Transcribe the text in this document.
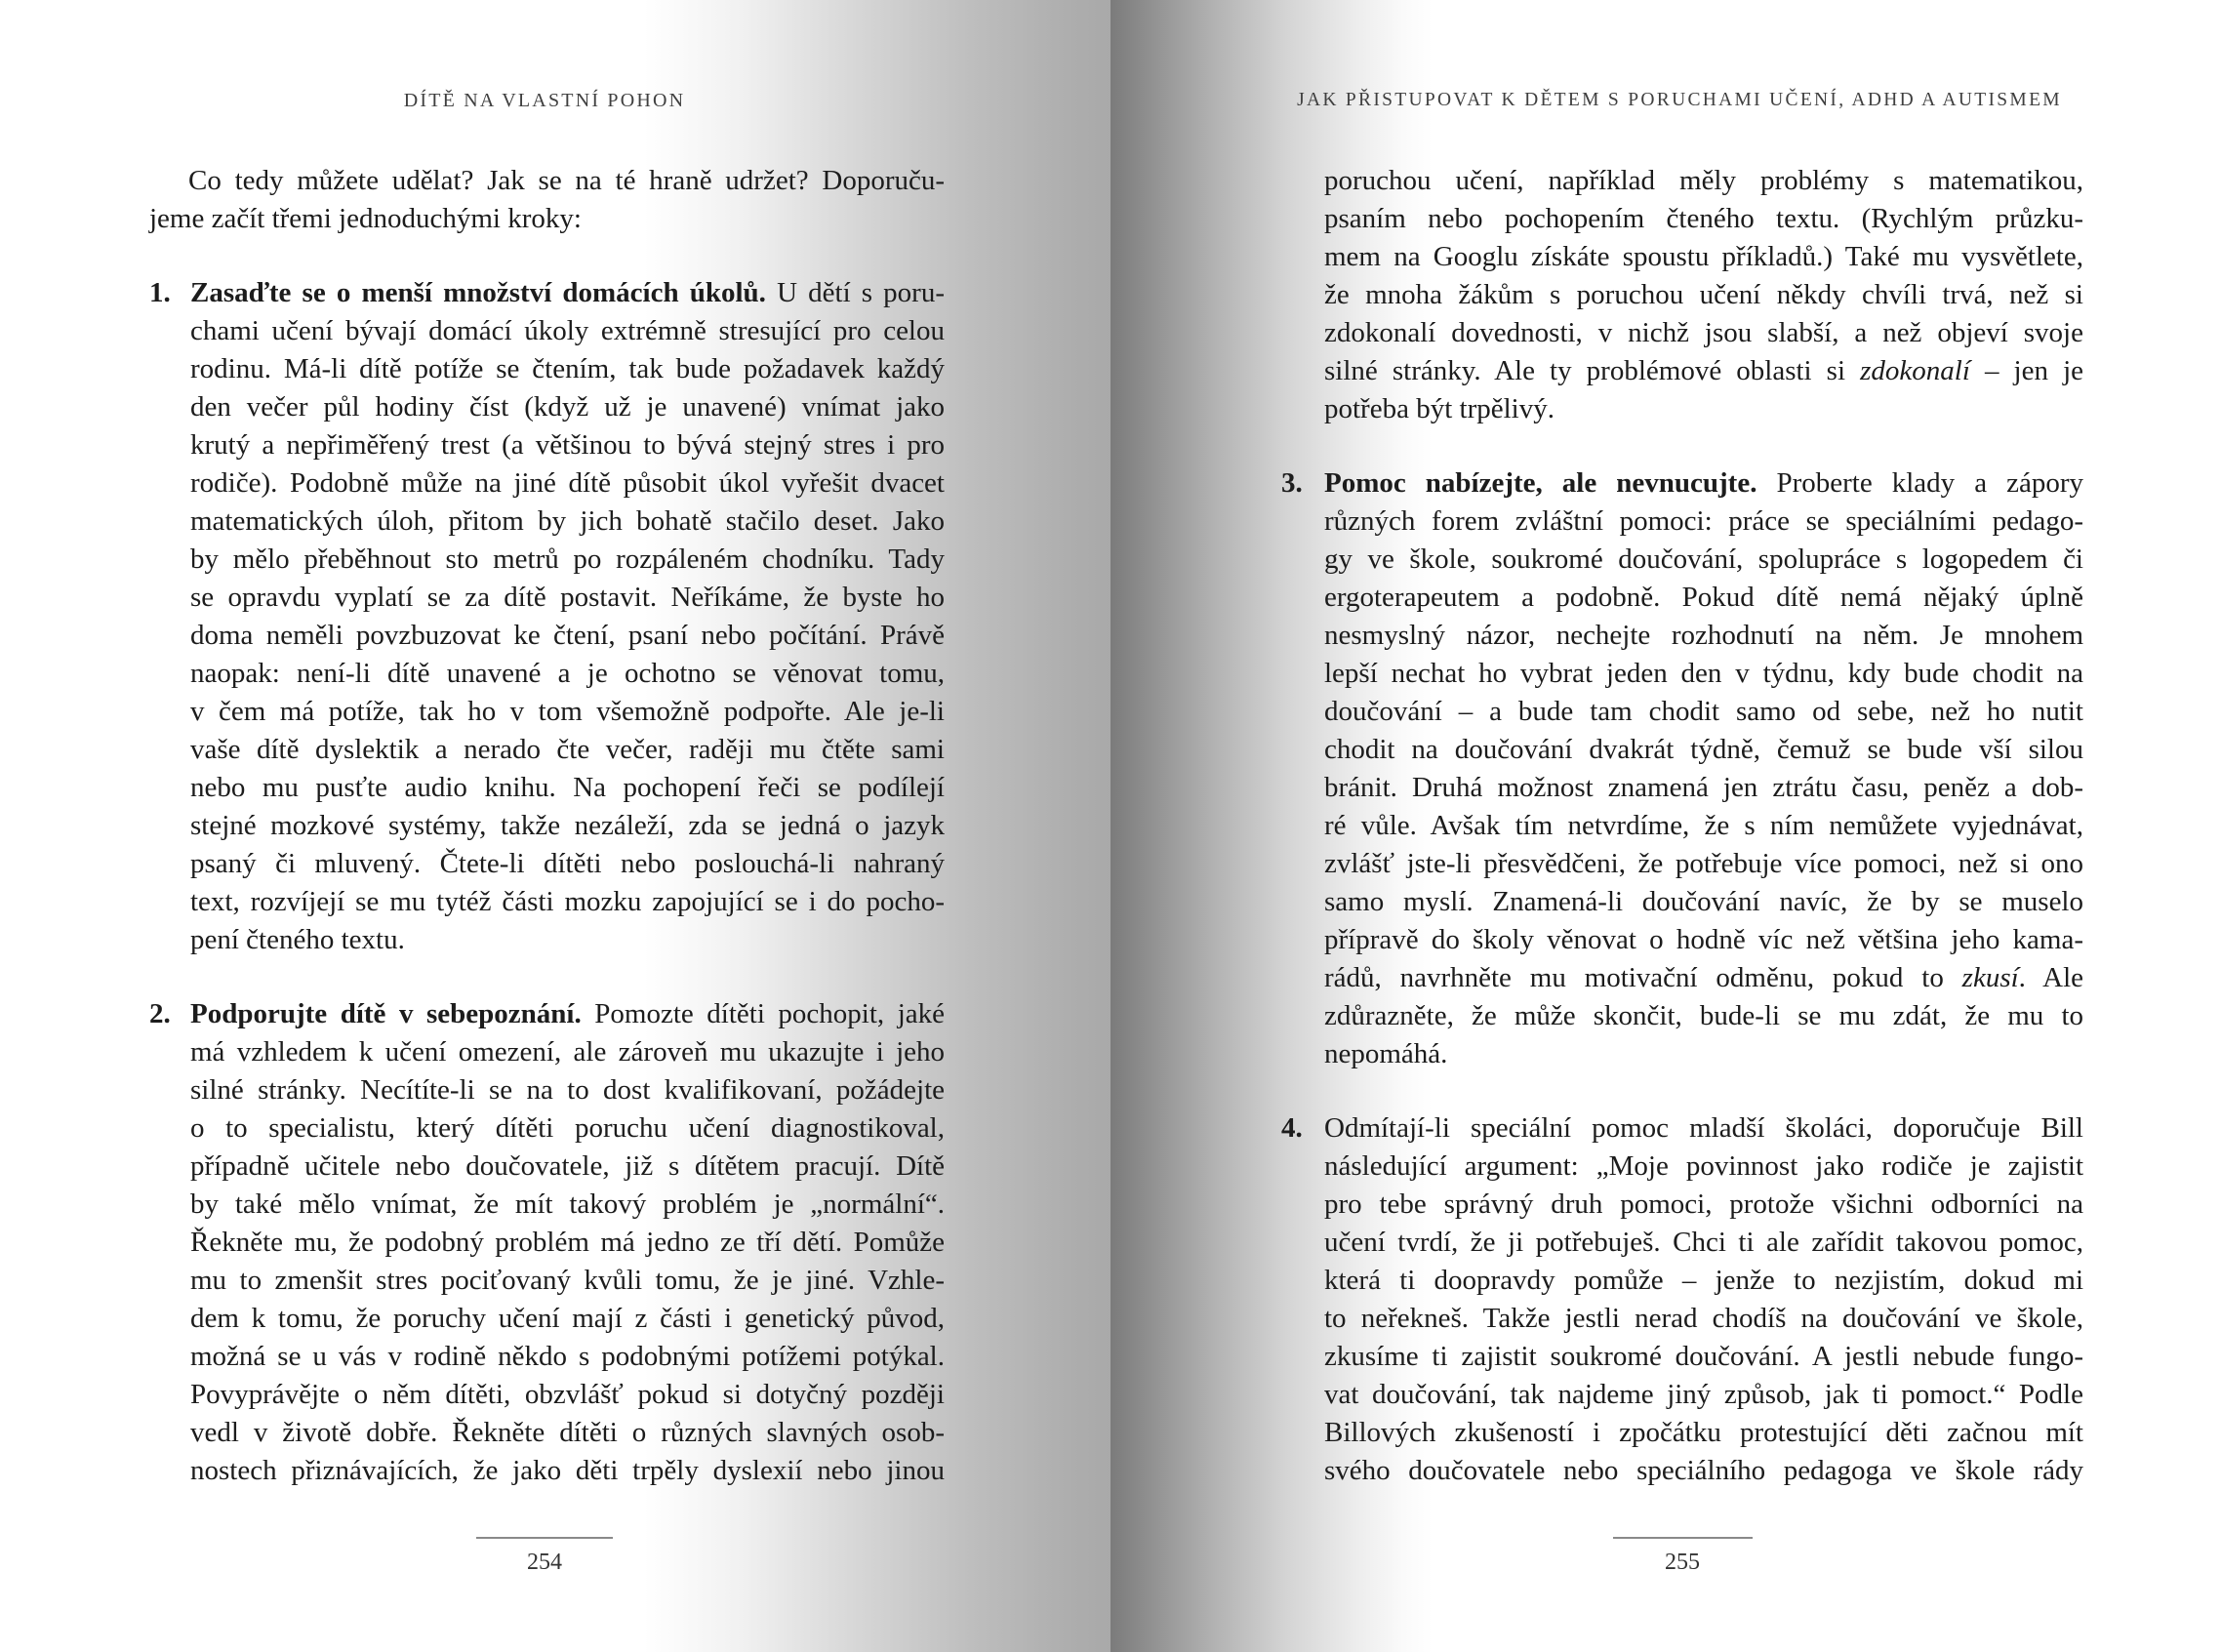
DÍTĚ NA VLASTNÍ POHON
Co tedy můžete udělat? Jak se na té hraně udržet? Doporuču-
jeme začít třemi jednoduchými kroky:
1. Zasaďte se o menší množství domácích úkolů. U dětí s poru-
chami učení bývají domácí úkoly extrémně stresující pro celou
rodinu. Má-li dítě potíže se čtením, tak bude požadavek každý
den večer půl hodiny číst (když už je unavené) vnímat jako
krutý a nepřiměřený trest (a většinou to bývá stejný stres i pro
rodiče). Podobně může na jiné dítě působit úkol vyřešit dvacet
matematických úloh, přitom by jich bohatě stačilo deset. Jako
by mělo přeběhnout sto metrů po rozpáleném chodníku. Tady
se opravdu vyplatí se za dítě postavit. Neříkáme, že byste ho
doma neměli povzbuzovat ke čtení, psaní nebo počítání. Právě
naopak: není-li dítě unavené a je ochotno se věnovat tomu,
v čem má potíže, tak ho v tom všemožně podpořte. Ale je-li
vaše dítě dyslektik a nerado čte večer, raději mu čtěte sami
nebo mu pusťte audio knihu. Na pochopení řeči se podílejí
stejné mozkové systémy, takže nezáleží, zda se jedná o jazyk
psaný či mluvený. Čtete-li dítěti nebo poslouchá-li nahraný
text, rozvíjejí se mu tytéž části mozku zapojující se i do pocho-
pení čteného textu.
2. Podporujte dítě v sebepoznání. Pomozte dítěti pochopit, jaké
má vzhledem k učení omezení, ale zároveň mu ukazujte i jeho
silné stránky. Necítíte-li se na to dost kvalifikovaní, požádejte
o to specialistu, který dítěti poruchu učení diagnostikoval,
případně učitele nebo doučovatele, již s dítětem pracují. Dítě
by také mělo vnímat, že mít takový problém je „normální“.
Řekněte mu, že podobný problém má jedno ze tří dětí. Pomůže
mu to zmenšit stres pociťovaný kvůli tomu, že je jiné. Vzhle-
dem k tomu, že poruchy učení mají z části i genetický původ,
možná se u vás v rodině někdo s podobnými potížemi potýkal.
Povyprávějte o něm dítěti, obzvlášť pokud si dotyčný později
vedl v životě dobře. Řekněte dítěti o různých slavných osob-
nostech přiznávajících, že jako děti trpěly dyslexií nebo jinou
254
JAK PŘISTUPOVAT K DĚTEM S PORUCHAMI UČENÍ, ADHD A AUTISMEM
poruchou učení, například měly problémy s matematikou,
psaním nebo pochopením čteného textu. (Rychlým průzku-
mem na Googlu získáte spoustu příkladů.) Také mu vysvětlete,
že mnoha žákům s poruchou učení někdy chvíli trvá, než si
zdokonalí dovednosti, v nichž jsou slabší, a než objeví svoje
silné stránky. Ale ty problémové oblasti si zdokonalí – jen je
potřeba být trpělivý.
3. Pomoc nabízejte, ale nevnucujte. Proberte klady a zápory
různých forem zvláštní pomoci: práce se speciálními pedago-
gy ve škole, soukromé doučování, spolupráce s logopedem či
ergoterapeutem a podobně. Pokud dítě nemá nějaký úplně
nesmyslný názor, nechejte rozhodnutí na něm. Je mnohem
lepší nechat ho vybrat jeden den v týdnu, kdy bude chodit na
doučování – a bude tam chodit samo od sebe, než ho nutit
chodit na doučování dvakrát týdně, čemuž se bude vší silou
bránit. Druhá možnost znamená jen ztrátu času, peněz a dob-
ré vůle. Avšak tím netvrdíme, že s ním nemůžete vyjednávat,
zvlášť jste-li přesvědčeni, že potřebuje více pomoci, než si ono
samo myslí. Znamená-li doučování navíc, že by se muselo
přípravě do školy věnovat o hodně víc než většina jeho kama-
rádů, navrhněte mu motivační odměnu, pokud to zkusí. Ale
zdůrazněte, že může skončit, bude-li se mu zdát, že mu to
nepomáhá.
4. Odmítají-li speciální pomoc mladší školáci, doporučuje Bill
následující argument: „Moje povinnost jako rodiče je zajistit
pro tebe správný druh pomoci, protože všichni odborníci na
učení tvrdí, že ji potřebuješ. Chci ti ale zařídit takovou pomoc,
která ti doopravdy pomůže – jenže to nezjistím, dokud mi
to neřekneš. Takže jestli nerad chodíš na doučování ve škole,
zkusíme ti zajistit soukromé doučování. A jestli nebude fungo-
vat doučování, tak najdeme jiný způsob, jak ti pomoct.“ Podle
Billových zkušeností i zpočátku protestující děti začnou mít
svého doučovatele nebo speciálního pedagoga ve škole rády
255
